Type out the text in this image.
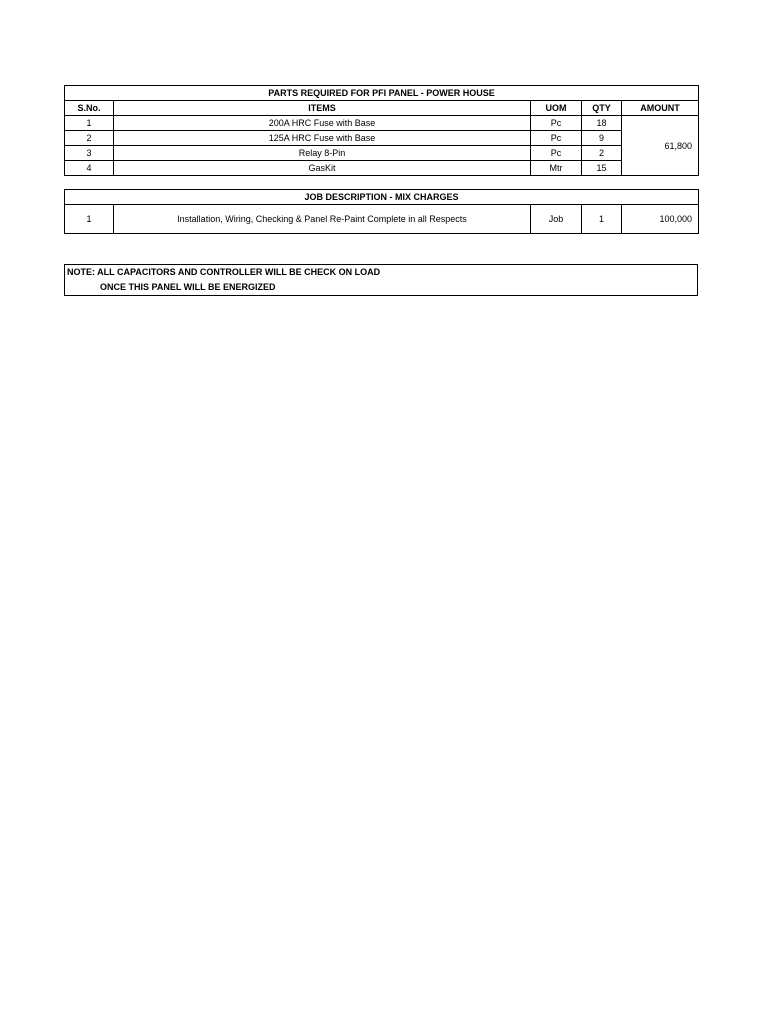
PARTS REQUIRED FOR PFI PANEL - POWER HOUSE				
S.No.	ITEMS	UOM	QTY	AMOUNT
1	200A HRC Fuse with Base	Pc	18	61,800
2	125A HRC Fuse with Base	Pc	9	
3	Relay 8-Pin	Pc	2	
4	GasKit	Mtr	15	
JOB DESCRIPTION - MIX CHARGES
1	Installation, Wiring, Checking & Panel Re-Paint Complete in all Respects	Job	1	100,000
NOTE: ALL CAPACITORS AND CONTROLLER WILL BE CHECK ON LOAD
ONCE THIS PANEL WILL BE ENERGIZED
